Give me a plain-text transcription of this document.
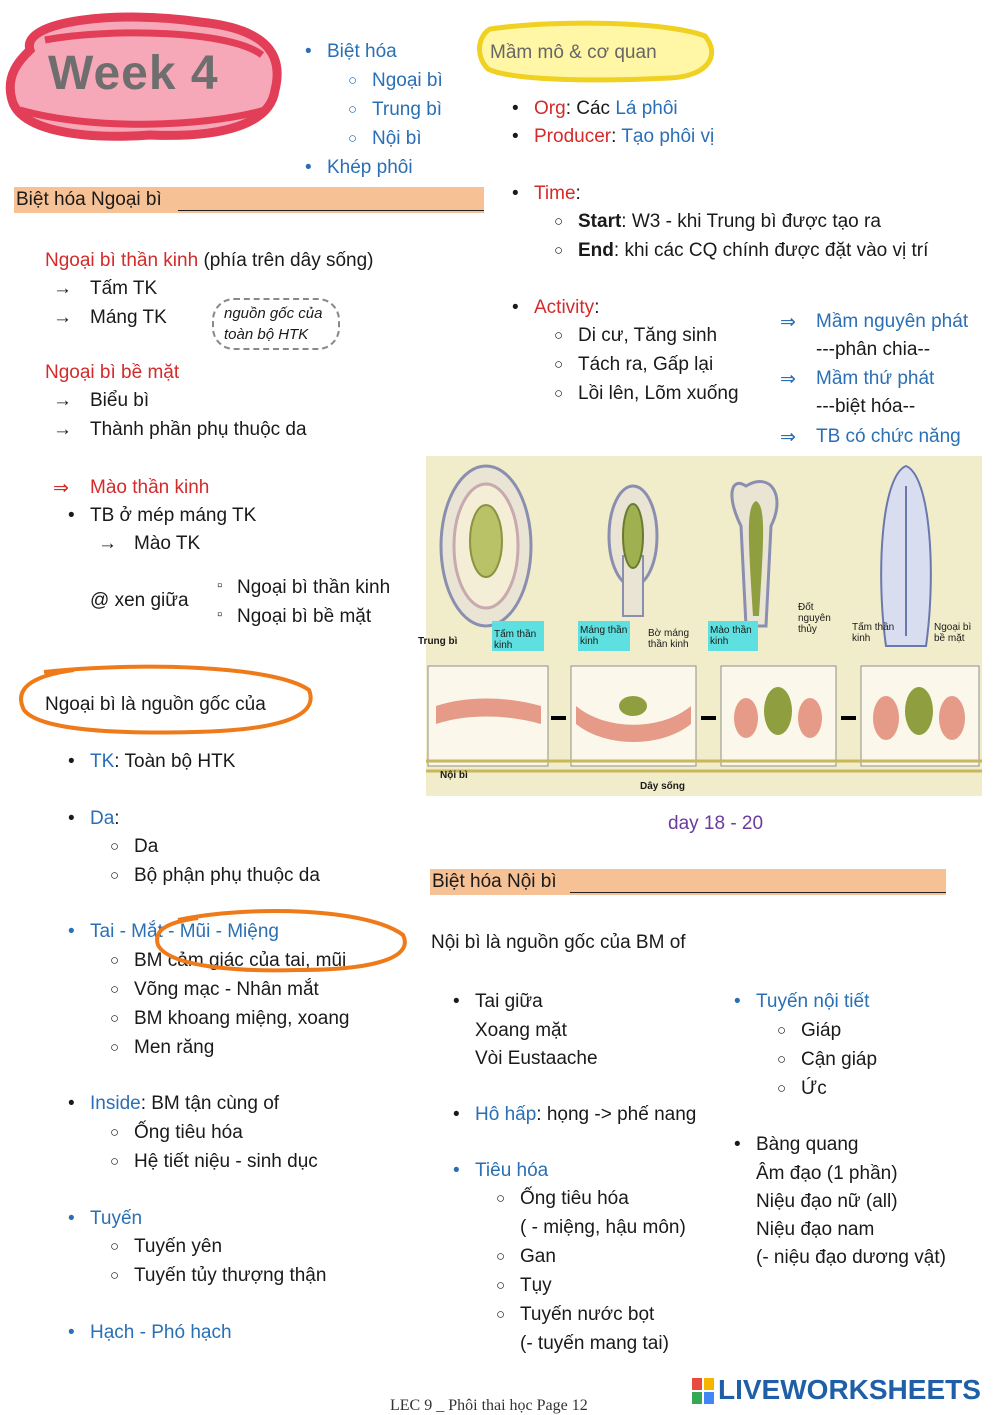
Week 4
•	Biệt hóa
○ Ngoại bì
○ Trung bì
○ Nội bì
• Khép phôi
Mầm mô & cơ quan
• Org: Các Lá phôi
• Producer: Tạo phôi vị
• Time:
○ Start: W3 - khi Trung bì được tạo ra
○ End: khi các CQ chính được đặt vào vị trí
• Activity:
○ Di cư, Tăng sinh
○ Tách ra, Gấp lại
○ Lồi lên, Lõm xuống
⇒ Mầm nguyên phát
---phân chia--
⇒ Mầm thứ phát
---biệt hóa--
⇒ TB có chức năng
Biệt hóa Ngoại bì
Ngoại bì thần kinh (phía trên dây sống)
→ Tấm TK
→ Máng TK	nguồn gốc của
toàn bộ HTK
Ngoại bì bề mặt
→ Biểu bì
→ Thành phần phụ thuộc da
⇒ Mào thần kinh
• TB ở mép máng TK
→ Mào TK
@ xen giữa
▫ Ngoại bì thần kinh
▫ Ngoại bì bề mặt
Ngoại bì là nguồn gốc của
• TK: Toàn bộ HTK
• Da:
○ Da
○ Bộ phận phụ thuộc da
• Tai - Mắt - Mũi - Miệng
○ BM cảm giác của tai, mũi
○ Võng mạc - Nhân mắt
○ BM khoang miệng, xoang
○ Men răng
• Inside: BM tận cùng of
○ Ống tiêu hóa
○ Hệ tiết niệu - sinh dục
• Tuyến
○ Tuyến yên
○ Tuyến tủy thượng thận
• Hạch - Phó hạch
Trung bì
Tấm thần kinh
Máng thần kinh
Bờ máng thần kinh
Mào thần kinh
Đốt nguyên thủy	Tấm thần kinh
Ngoại bì bề mặt
Nội bì
Dây sống
day 18 - 20
Biệt hóa Nội bì
Nội bì là nguồn gốc của BM of
• Tai giữa
Xoang mặt
Vòi Eustaache
• Hô hấp: họng -> phế nang
• Tiêu hóa
○ Ống tiêu hóa
( - miệng, hậu môn)
○ Gan
○ Tụy
○ Tuyến nước bọt
(- tuyến mang tai)
• Tuyến nội tiết
○ Giáp
○ Cận giáp
○ Ức
• Bàng quang
Âm đạo (1 phần)
Niệu đạo nữ (all)
Niệu đạo nam
(- niệu đạo dương vật)
LEC 9 _ Phôi thai học Page 12
LIVEWORKSHEETS
